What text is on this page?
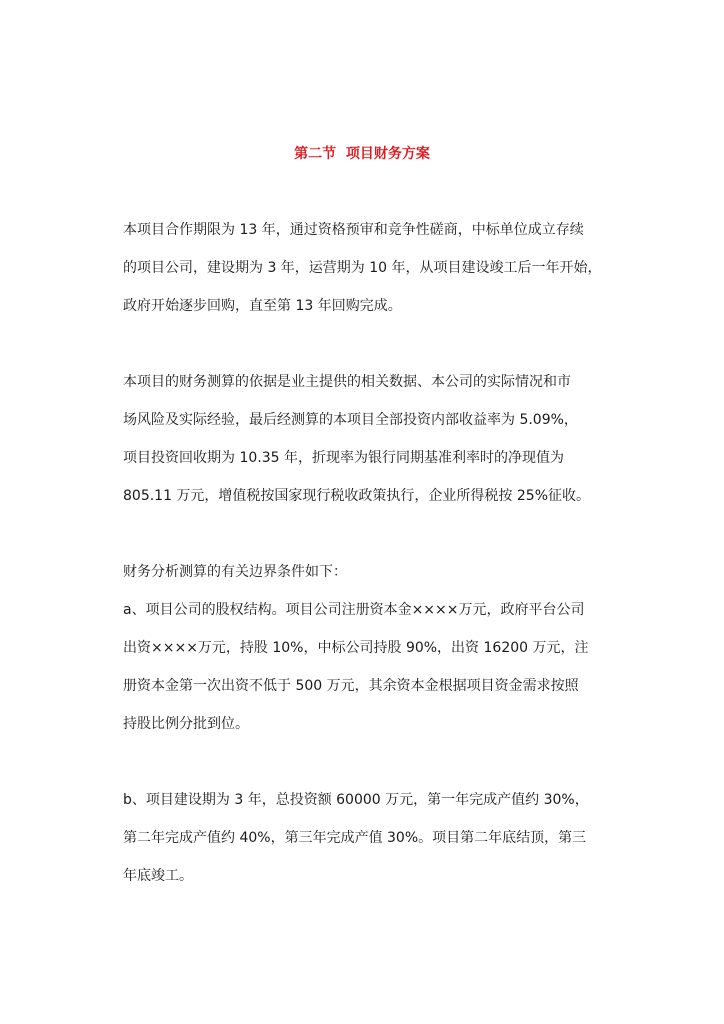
第二节  项目财务方案
本项目合作期限为 13 年，通过资格预审和竞争性磋商，中标单位成立存续
的项目公司，建设期为 3 年，运营期为 10 年，从项目建设竣工后一年开始，
政府开始逐步回购，直至第 13 年回购完成。
本项目的财务测算的依据是业主提供的相关数据、本公司的实际情况和市
场风险及实际经验，最后经测算的本项目全部投资内部收益率为 5.09%，
项目投资回收期为 10.35 年，折现率为银行同期基准利率时的净现值为
805.11 万元，增值税按国家现行税收政策执行，企业所得税按 25%征收。
财务分析测算的有关边界条件如下：
a、项目公司的股权结构。项目公司注册资本金××××万元，政府平台公司
出资××××万元，持股 10%，中标公司持股 90%，出资 16200 万元，注
册资本金第一次出资不低于 500 万元，其余资本金根据项目资金需求按照
持股比例分批到位。
b、项目建设期为 3 年，总投资额 60000 万元，第一年完成产值约 30%，
第二年完成产值约 40%，第三年完成产值 30%。项目第二年底结顶，第三
年底竣工。
